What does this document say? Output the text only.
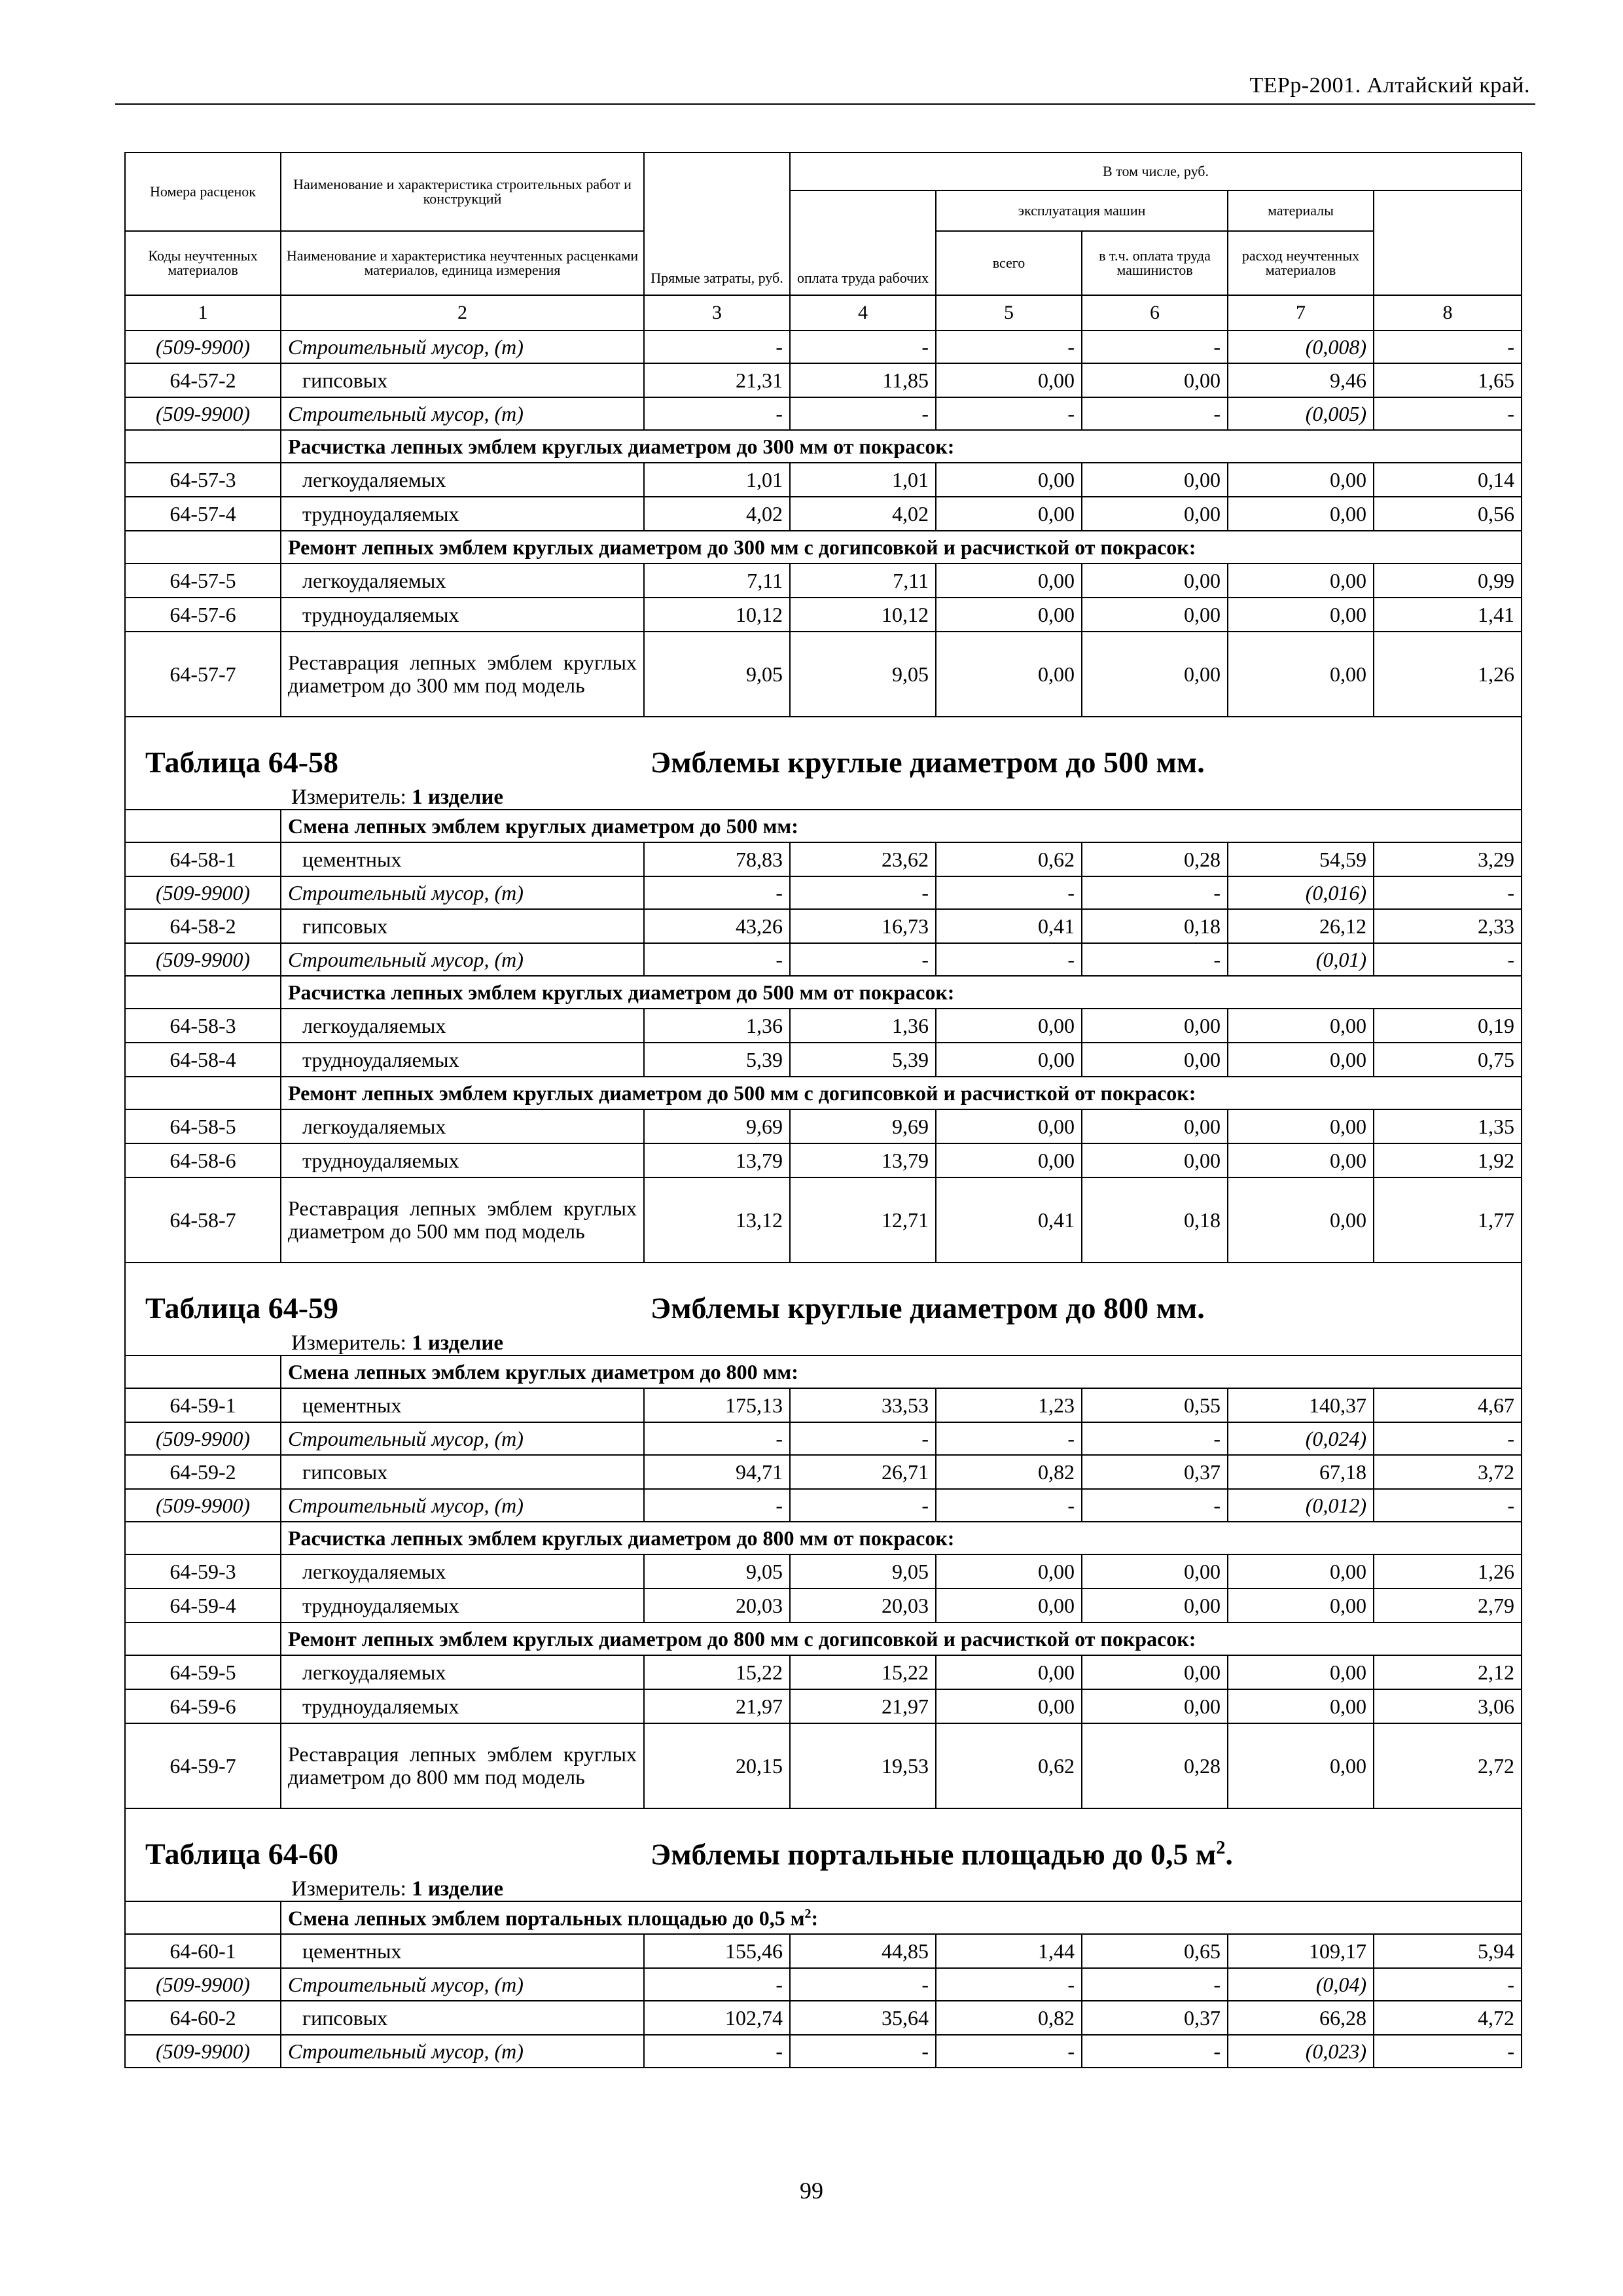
ТЕРр-2001. Алтайский край.
Номера расценок	Наименование и характеристика строительных работ и конструкций	Прямые затраты, руб.	В том числе, руб.	
			оплата труда рабочих	эксплуатация машин		материалы		
Коды неучтенных материалов	Наименование и характеристика неучтенных расценками материалов, единица измерения			всего	в т.ч. оплата труда машинистов	расход неучтенных материалов		
1	2	3	4	5	6	7	8	
(509-9900)	Строительный мусор, (т)	-	-	-	-	(0,008)	-	
64-57-2	гипсовых	21,31	11,85	0,00	0,00	9,46	1,65	
(509-9900)	Строительный мусор, (т)	-	-	-	-	(0,005)	-	
	Расчистка лепных эмблем круглых диаметром до 300 мм от покрасок:							
64-57-3	легкоудаляемых	1,01	1,01	0,00	0,00	0,00	0,14	
64-57-4	трудноудаляемых	4,02	4,02	0,00	0,00	0,00	0,56	
	Ремонт лепных эмблем круглых диаметром до 300 мм с догипсовкой и расчисткой от покрасок:							
64-57-5	легкоудаляемых	7,11	7,11	0,00	0,00	0,00	0,99	
64-57-6	трудноудаляемых	10,12	10,12	0,00	0,00	0,00	1,41	
64-57-7	Реставрация лепных эмблем круглых диаметром до 300 мм под модель	9,05	9,05	0,00	0,00	0,00	1,26	

Таблица 64-58 Эмблемы круглые диаметром до 500 мм.
Измеритель: 1 изделие								

	Смена лепных эмблем круглых диаметром до 500 мм:							
64-58-1	цементных	78,83	23,62	0,62	0,28	54,59	3,29	
(509-9900)	Строительный мусор, (т)	-	-	-	-	(0,016)	-	
64-58-2	гипсовых	43,26	16,73	0,41	0,18	26,12	2,33	
(509-9900)	Строительный мусор, (т)	-	-	-	-	(0,01)	-	
	Расчистка лепных эмблем круглых диаметром до 500 мм от покрасок:							
64-58-3	легкоудаляемых	1,36	1,36	0,00	0,00	0,00	0,19	
64-58-4	трудноудаляемых	5,39	5,39	0,00	0,00	0,00	0,75	
	Ремонт лепных эмблем круглых диаметром до 500 мм с догипсовкой и расчисткой от покрасок:							
64-58-5	легкоудаляемых	9,69	9,69	0,00	0,00	0,00	1,35	
64-58-6	трудноудаляемых	13,79	13,79	0,00	0,00	0,00	1,92	
64-58-7	Реставрация лепных эмблем круглых диаметром до 500 мм под модель	13,12	12,71	0,41	0,18	0,00	1,77	

Таблица 64-59 Эмблемы круглые диаметром до 800 мм.
Измеритель: 1 изделие								

	Смена лепных эмблем круглых диаметром до 800 мм:							
64-59-1	цементных	175,13	33,53	1,23	0,55	140,37	4,67	
(509-9900)	Строительный мусор, (т)	-	-	-	-	(0,024)	-	
64-59-2	гипсовых	94,71	26,71	0,82	0,37	67,18	3,72	
(509-9900)	Строительный мусор, (т)	-	-	-	-	(0,012)	-	
	Расчистка лепных эмблем круглых диаметром до 800 мм от покрасок:							
64-59-3	легкоудаляемых	9,05	9,05	0,00	0,00	0,00	1,26	
64-59-4	трудноудаляемых	20,03	20,03	0,00	0,00	0,00	2,79	
	Ремонт лепных эмблем круглых диаметром до 800 мм с догипсовкой и расчисткой от покрасок:							
64-59-5	легкоудаляемых	15,22	15,22	0,00	0,00	0,00	2,12	
64-59-6	трудноудаляемых	21,97	21,97	0,00	0,00	0,00	3,06	
64-59-7	Реставрация лепных эмблем круглых диаметром до 800 мм под модель	20,15	19,53	0,62	0,28	0,00	2,72	

Таблица 64-60 Эмблемы портальные площадью до 0,5 $м^2$.
Измеритель: 1 изделие								

	Смена лепных эмблем портальных площадью до 0,5 $м^2$:							
64-60-1	цементных	155,46	44,85	1,44	0,65	109,17	5,94	
(509-9900)	Строительный мусор, (т)	-	-	-	-	(0,04)	-	
64-60-2	гипсовых	102,74	35,64	0,82	0,37	66,28	4,72	
(509-9900)	Строительный мусор, (т)	-	-	-	-	(0,023)	-	
99
